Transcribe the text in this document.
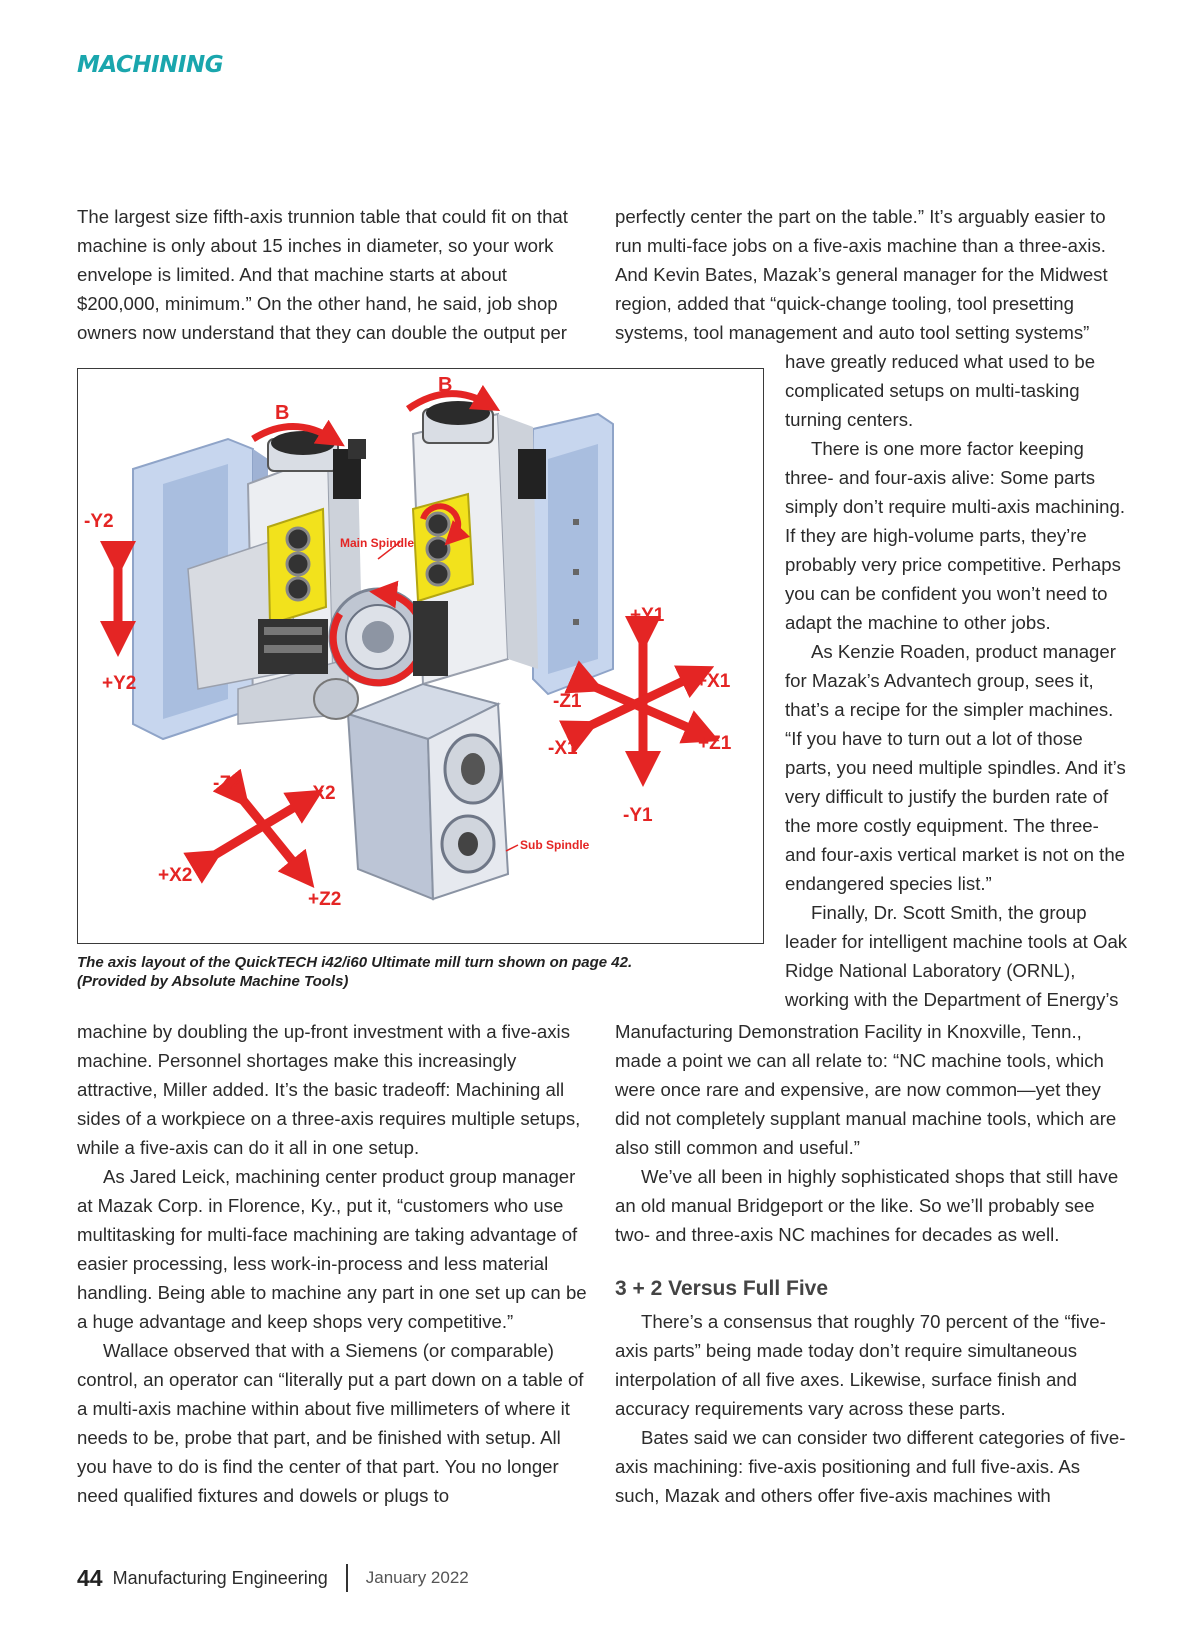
MACHINING

The largest size fifth-axis trunnion table that could fit on that machine is only about 15 inches in diameter, so your work envelope is limited. And that machine starts at about $200,000, minimum.” On the other hand, he said, job shop owners now understand that they can double the output per

perfectly center the part on the table.” It’s arguably easier to run multi-face jobs on a five-axis machine than a three-axis. And Kevin Bates, Mazak’s general manager for the Midwest region, added that “quick-change tooling, tool presetting systems, tool management and auto tool setting systems”

have greatly reduced what used to be complicated setups on multi-tasking turning centers.

There is one more factor keeping three- and four-axis alive: Some parts simply don’t require multi-axis machining. If they are high-volume parts, they’re probably very price competitive. Perhaps you can be confident you won’t need to adapt the machine to other jobs.

As Kenzie Roaden, product manager for Mazak’s Advantech group, sees it, that’s a recipe for the simpler machines. “If you have to turn out a lot of those parts, you need multiple spindles. And it’s very difficult to justify the burden rate of the more costly equipment. The three- and four-axis vertical market is not on the endangered species list.”

Finally, Dr. Scott Smith, the group leader for intelligent machine tools at Oak Ridge National Laboratory (ORNL), working with the Department of Energy’s

B
B
-Y2
+Y2
+Y1
-Y1
+X1
-X1	+Z1
-Z1
-Z2	-X2
+X2
+Z2
Main Spindle
Sub Spindle
The axis layout of the QuickTECH i42/i60 Ultimate mill turn shown on page 42.
(Provided by Absolute Machine Tools)

machine by doubling the up-front investment with a five-axis machine. Personnel shortages make this increasingly attractive, Miller added. It’s the basic tradeoff: Machining all sides of a workpiece on a three-axis requires multiple setups, while a five-axis can do it all in one setup.

As Jared Leick, machining center product group manager at Mazak Corp. in Florence, Ky., put it, “customers who use multitasking for multi-face machining are taking advantage of easier processing, less work-in-process and less material handling. Being able to machine any part in one set up can be a huge advantage and keep shops very competitive.”

Wallace observed that with a Siemens (or comparable) control, an operator can “literally put a part down on a table of a multi-axis machine within about five millimeters of where it needs to be, probe that part, and be finished with setup. All you have to do is find the center of that part. You no longer need qualified fixtures and dowels or plugs to

Manufacturing Demonstration Facility in Knoxville, Tenn., made a point we can all relate to: “NC machine tools, which were once rare and expensive, are now common—yet they did not completely supplant manual machine tools, which are also still common and useful.”

We’ve all been in highly sophisticated shops that still have an old manual Bridgeport or the like. So we’ll probably see two- and three-axis NC machines for decades as well.

3 + 2 Versus Full Five

There’s a consensus that roughly 70 percent of the “five-axis parts” being made today don’t require simultaneous interpolation of all five axes. Likewise, surface finish and accuracy requirements vary across these parts.

Bates said we can consider two different categories of five-axis machining: five-axis positioning and full five-axis. As such, Mazak and others offer five-axis machines with

44 Manufacturing Engineering January 2022
